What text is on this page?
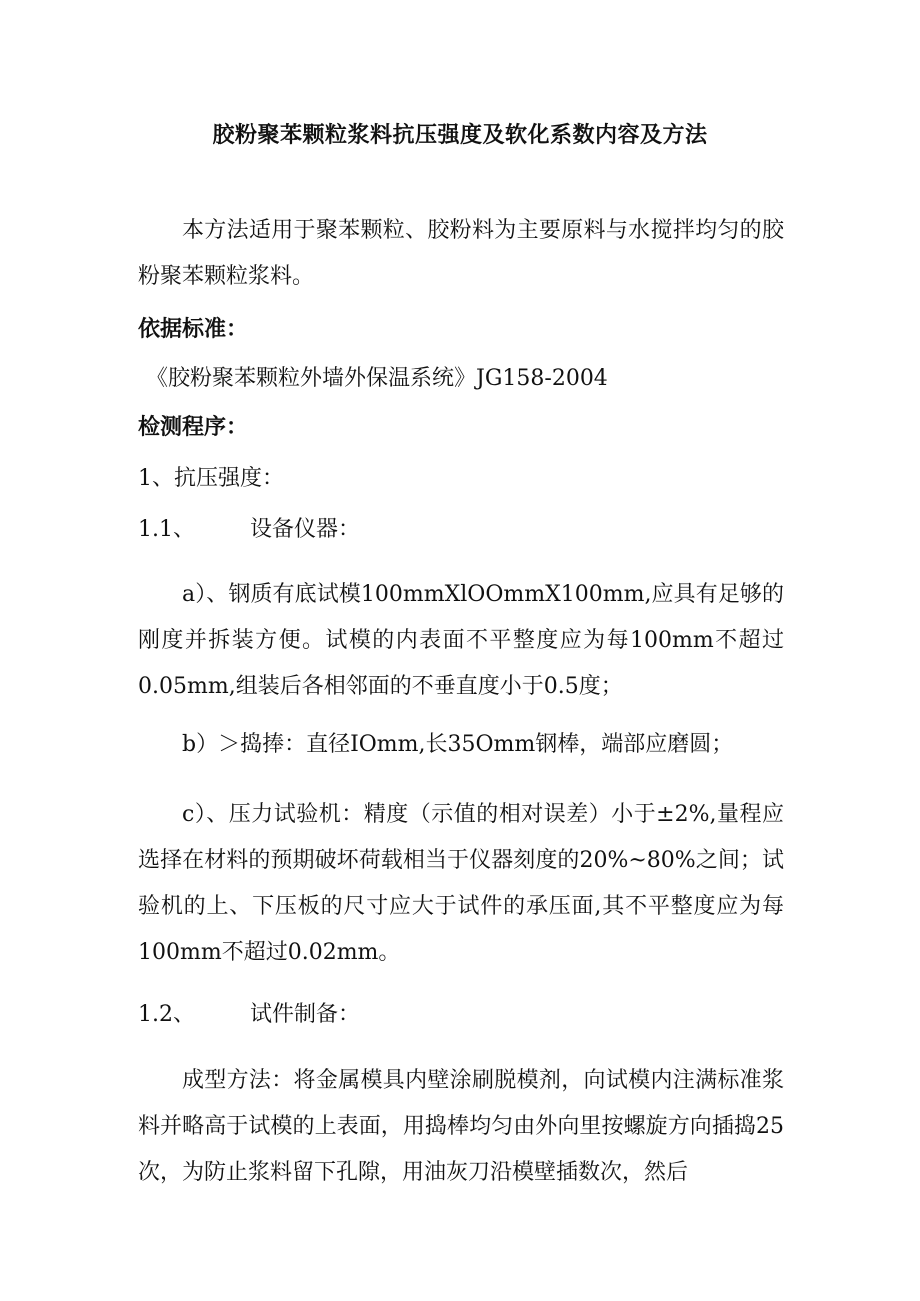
胶粉聚苯颗粒浆料抗压强度及软化系数内容及方法
本方法适用于聚苯颗粒、胶粉料为主要原料与水搅拌均匀的胶粉聚苯颗粒浆料。
依据标准：
《胶粉聚苯颗粒外墙外保温系统》JG158-2004
检测程序：
1、抗压强度：
1.1、	设备仪器：
a）、钢质有底试模100mmXlOOmmX100mm,应具有足够的刚度并拆装方便。试模的内表面不平整度应为每100mm不超过0.05mm,组装后各相邻面的不垂直度小于0.5度；
b）＞捣捧：直径IOmm,长35Omm钢棒，端部应磨圆；
c）、压力试验机：精度（示值的相对误差）小于±2%,量程应选择在材料的预期破坏荷载相当于仪器刻度的20%~80%之间；试验机的上、下压板的尺寸应大于试件的承压面,其不平整度应为每100mm不超过0.02mm。
1.2、	试件制备：
成型方法：将金属模具内壁涂刷脱模剂，向试模内注满标准浆料并略高于试模的上表面，用捣棒均匀由外向里按螺旋方向插捣25次，为防止浆料留下孔隙，用油灰刀沿模壁插数次，然后
